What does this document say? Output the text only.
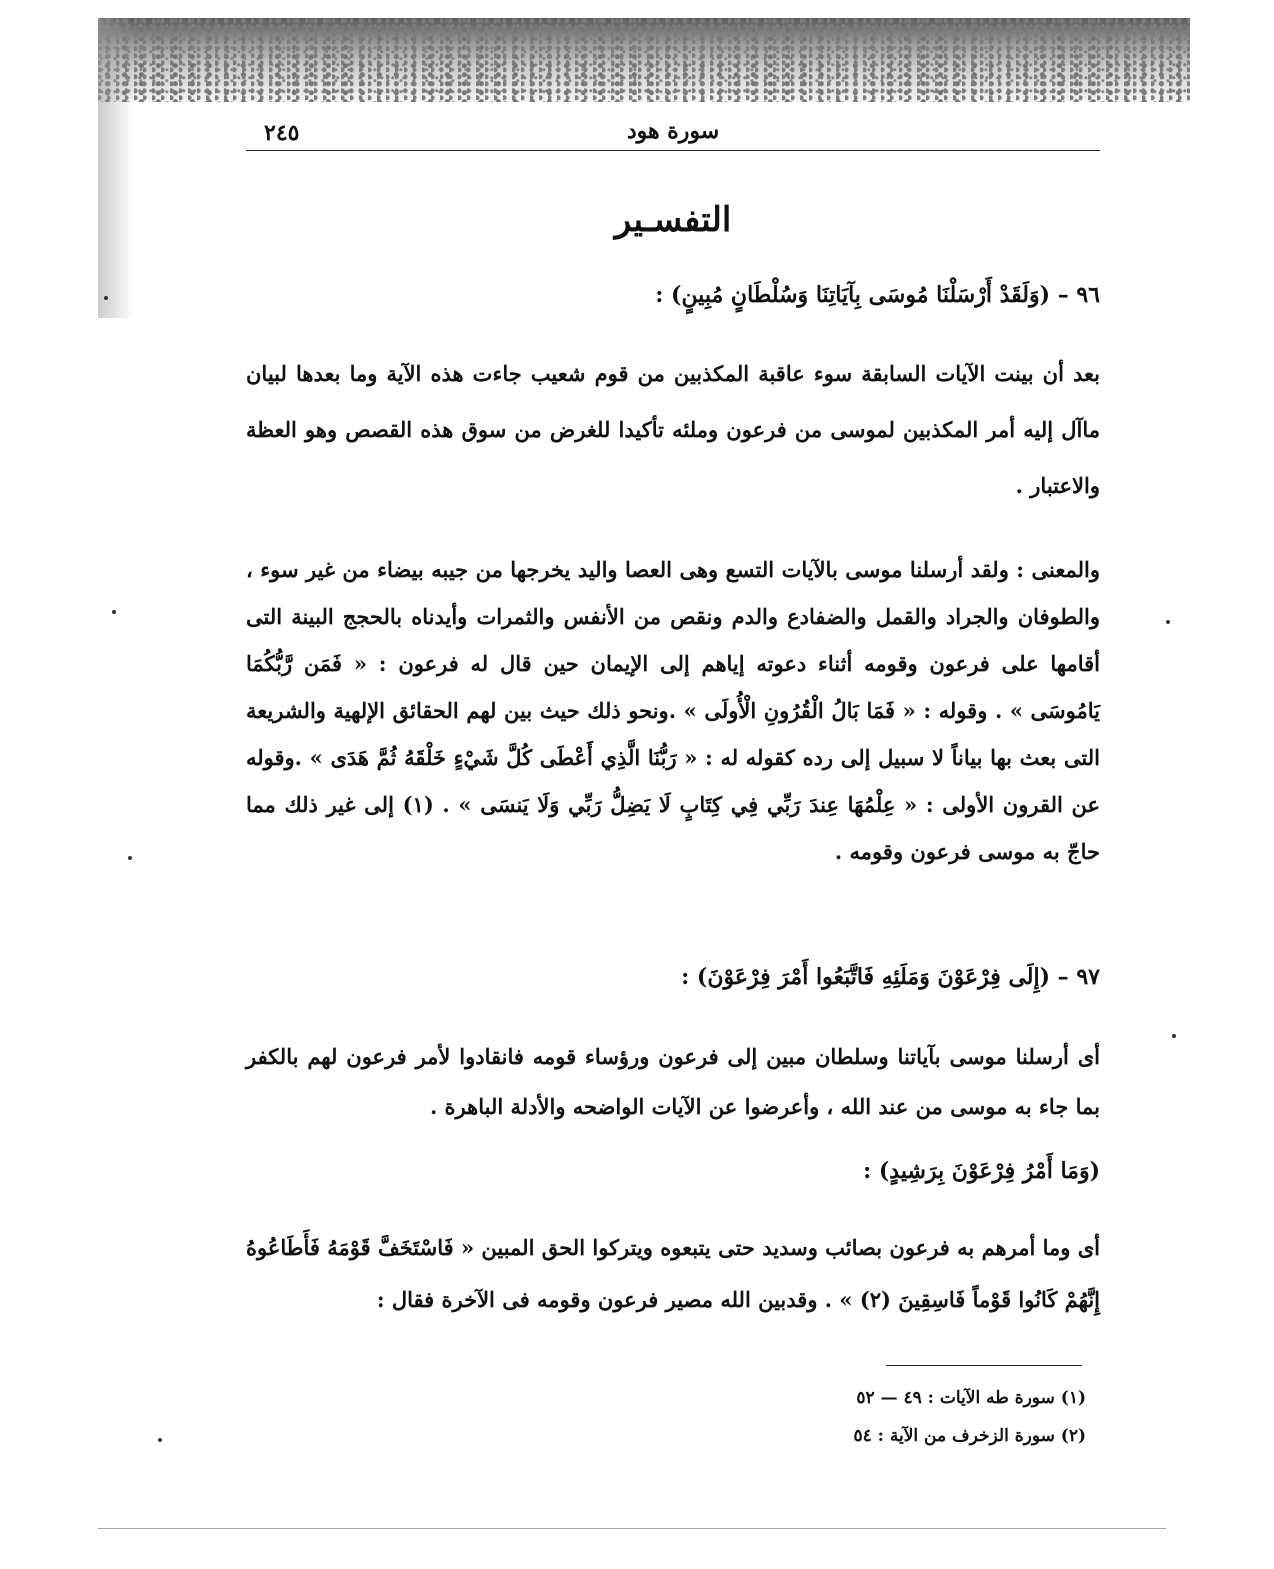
٢٤٥	سورة هود
التفسـير
٩٦ – (وَلَقَدْ أَرْسَلْنَا مُوسَى بِآيَاتِنَا وَسُلْطَانٍ مُبِينٍ) :

بعد أن بينت الآيات السابقة سوء عاقبة المكذبين من قوم شعيب جاءت هذه الآية وما بعدها لبيان ماآل إليه أمر المكذبين لموسى من فرعون وملئه تأكيدا للغرض من سوق هذه القصص وهو العظة والاعتبار .

والمعنى : ولقد أرسلنا موسى بالآيات التسع وهى العصا واليد يخرجها من جيبه بيضاء من غير سوء ، والطوفان والجراد والقمل والضفادع والدم ونقص من الأنفس والثمرات وأيدناه بالحجج البينة التى أقامها على فرعون وقومه أثناء دعوته إياهم إلى الإيمان حين قال له فرعون : « فَمَن رَّبُّكُمَا يَامُوسَى » . وقوله : « فَمَا بَالُ الْقُرُونِ الْأُولَى » .ونحو ذلك حيث بين لهم الحقائق الإلهية والشريعة التى بعث بها بياناً لا سبيل إلى رده كقوله له : « رَبُّنَا الَّذِي أَعْطَى كُلَّ شَيْءٍ خَلْقَهُ ثُمَّ هَدَى » .وقوله عن القرون الأولى : « عِلْمُهَا عِندَ رَبِّي فِي كِتَابٍ لَا يَضِلُّ رَبِّي وَلَا يَنسَى » . (١) إلى غير ذلك مما حاجّ به موسى فرعون وقومه .

٩٧ – (إِلَى فِرْعَوْنَ وَمَلَئِهِ فَاتَّبَعُوا أَمْرَ فِرْعَوْنَ) :

أى أرسلنا موسى بآياتنا وسلطان مبين إلى فرعون ورؤساء قومه فانقادوا لأمر فرعون لهم بالكفر بما جاء به موسى من عند الله ، وأعرضوا عن الآيات الواضحه والأدلة الباهرة .

(وَمَا أَمْرُ فِرْعَوْنَ بِرَشِيدٍ) :

أى وما أمرهم به فرعون بصائب وسديد حتى يتبعوه ويتركوا الحق المبين « فَاسْتَخَفَّ قَوْمَهُ فَأَطَاعُوهُ إِنَّهُمْ كَانُوا قَوْماً فَاسِقِينَ (٢) » . وقدبين الله مصير فرعون وقومه فى الآخرة فقال :

(١) سورة طه الآيات : ٤٩ — ٥٢
(٢) سورة الزخرف من الآية : ٥٤
